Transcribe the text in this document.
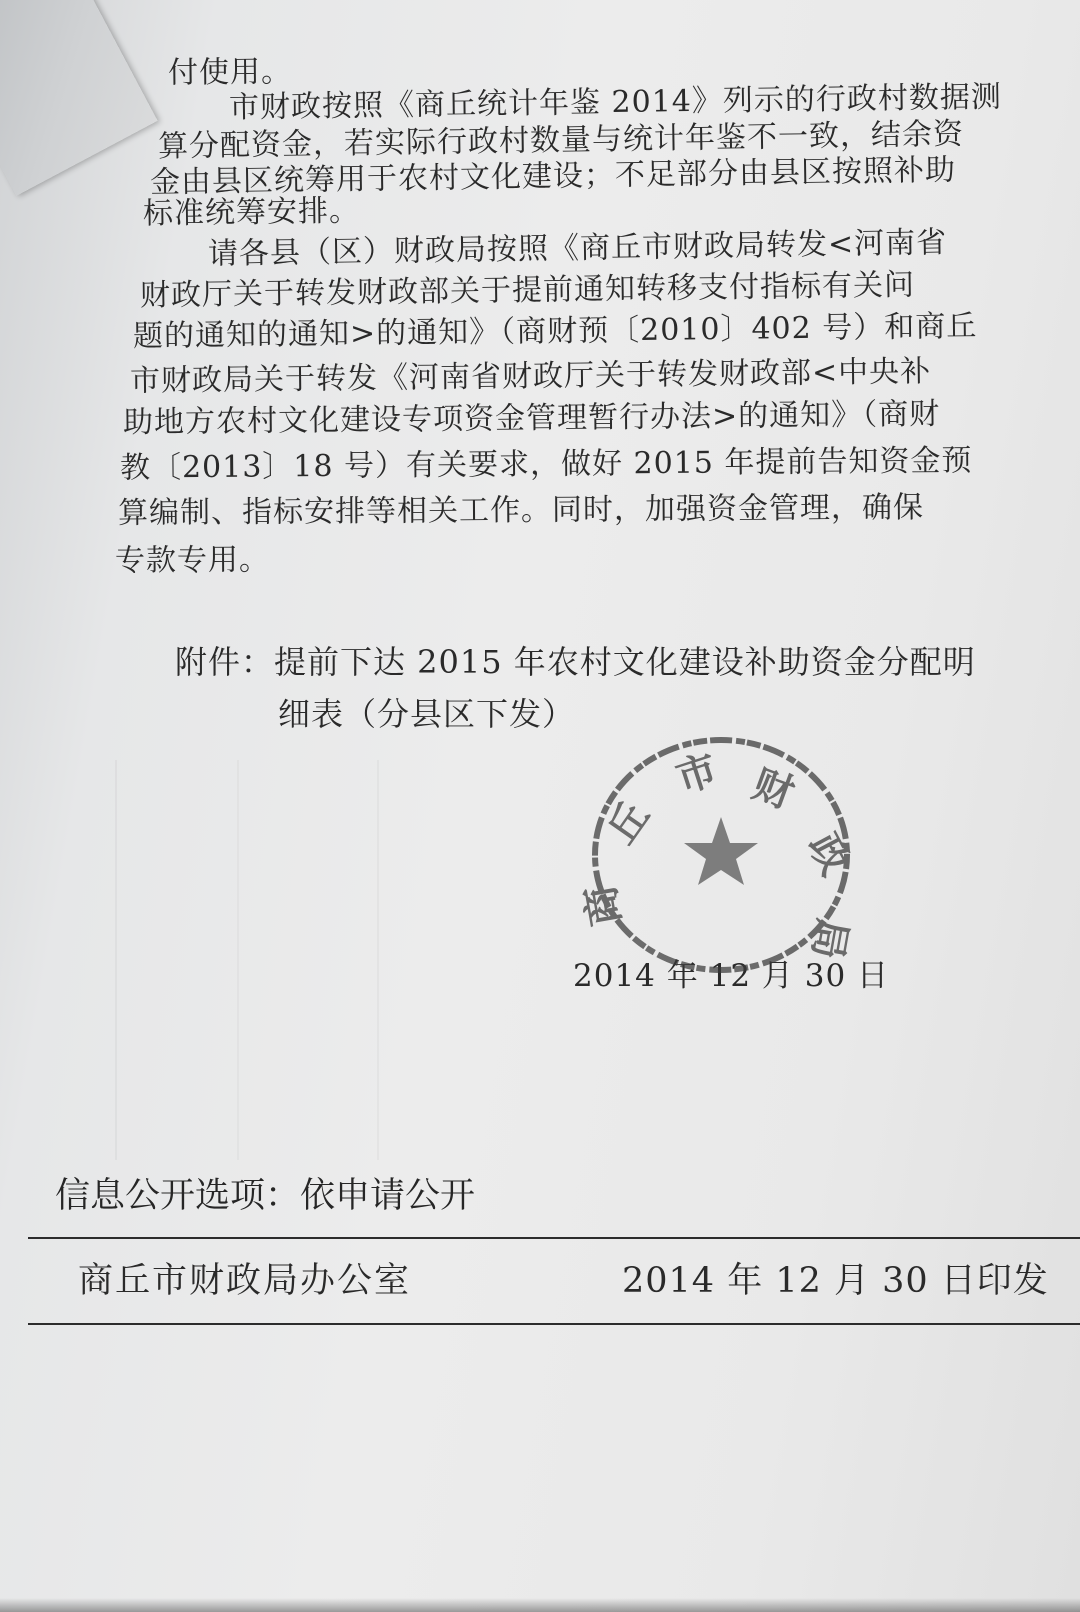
付使用。
市财政按照《商丘统计年鉴 2014》列示的行政村数据测
算分配资金，若实际行政村数量与统计年鉴不一致，结余资
金由县区统筹用于农村文化建设；不足部分由县区按照补助
标准统筹安排。
请各县（区）财政局按照《商丘市财政局转发<河南省
财政厅关于转发财政部关于提前通知转移支付指标有关问
题的通知的通知>的通知》（商财预〔2010〕402 号）和商丘
市财政局关于转发《河南省财政厅关于转发财政部<中央补
助地方农村文化建设专项资金管理暂行办法>的通知》（商财
教〔2013〕18 号）有关要求，做好 2015 年提前告知资金预
算编制、指标安排等相关工作。同时，加强资金管理，确保
专款专用。
附件：提前下达 2015 年农村文化建设补助资金分配明
细表（分县区下发）
2014 年 12 月 30 日
商
丘
市 财
政
局
信息公开选项：依申请公开
商丘市财政局办公室	2014 年 12 月 30 日印发
